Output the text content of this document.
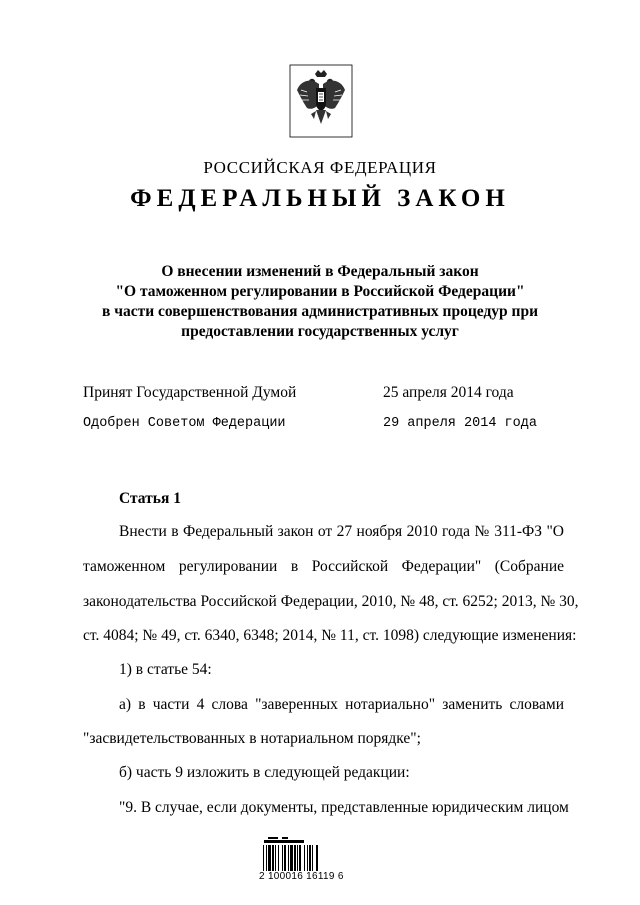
РОССИЙСКАЯ ФЕДЕРАЦИЯ
ФЕДЕРАЛЬНЫЙ ЗАКОН
О внесении изменений в Федеральный закон
"О таможенном регулировании в Российской Федерации"
в части совершенствования административных процедур при
предоставлении государственных услуг
Принят Государственной Думой	25 апреля 2014 года
Одобрен Советом Федерации	29 апреля 2014 года
Статья 1
Внести в Федеральный закон от 27 ноября 2010 года № 311-ФЗ "О
таможенном регулировании в Российской Федерации" (Собрание
законодательства Российской Федерации, 2010, № 48, ст. 6252; 2013, № 30,
ст. 4084; № 49, ст. 6340, 6348; 2014, № 11, ст. 1098) следующие изменения:
1) в статье 54:
а) в части 4 слова "заверенных нотариально" заменить словами
"засвидетельствованных в нотариальном порядке";
б) часть 9 изложить в следующей редакции:
"9. В случае, если документы, представленные юридическим лицом
2 100016 16119 6
